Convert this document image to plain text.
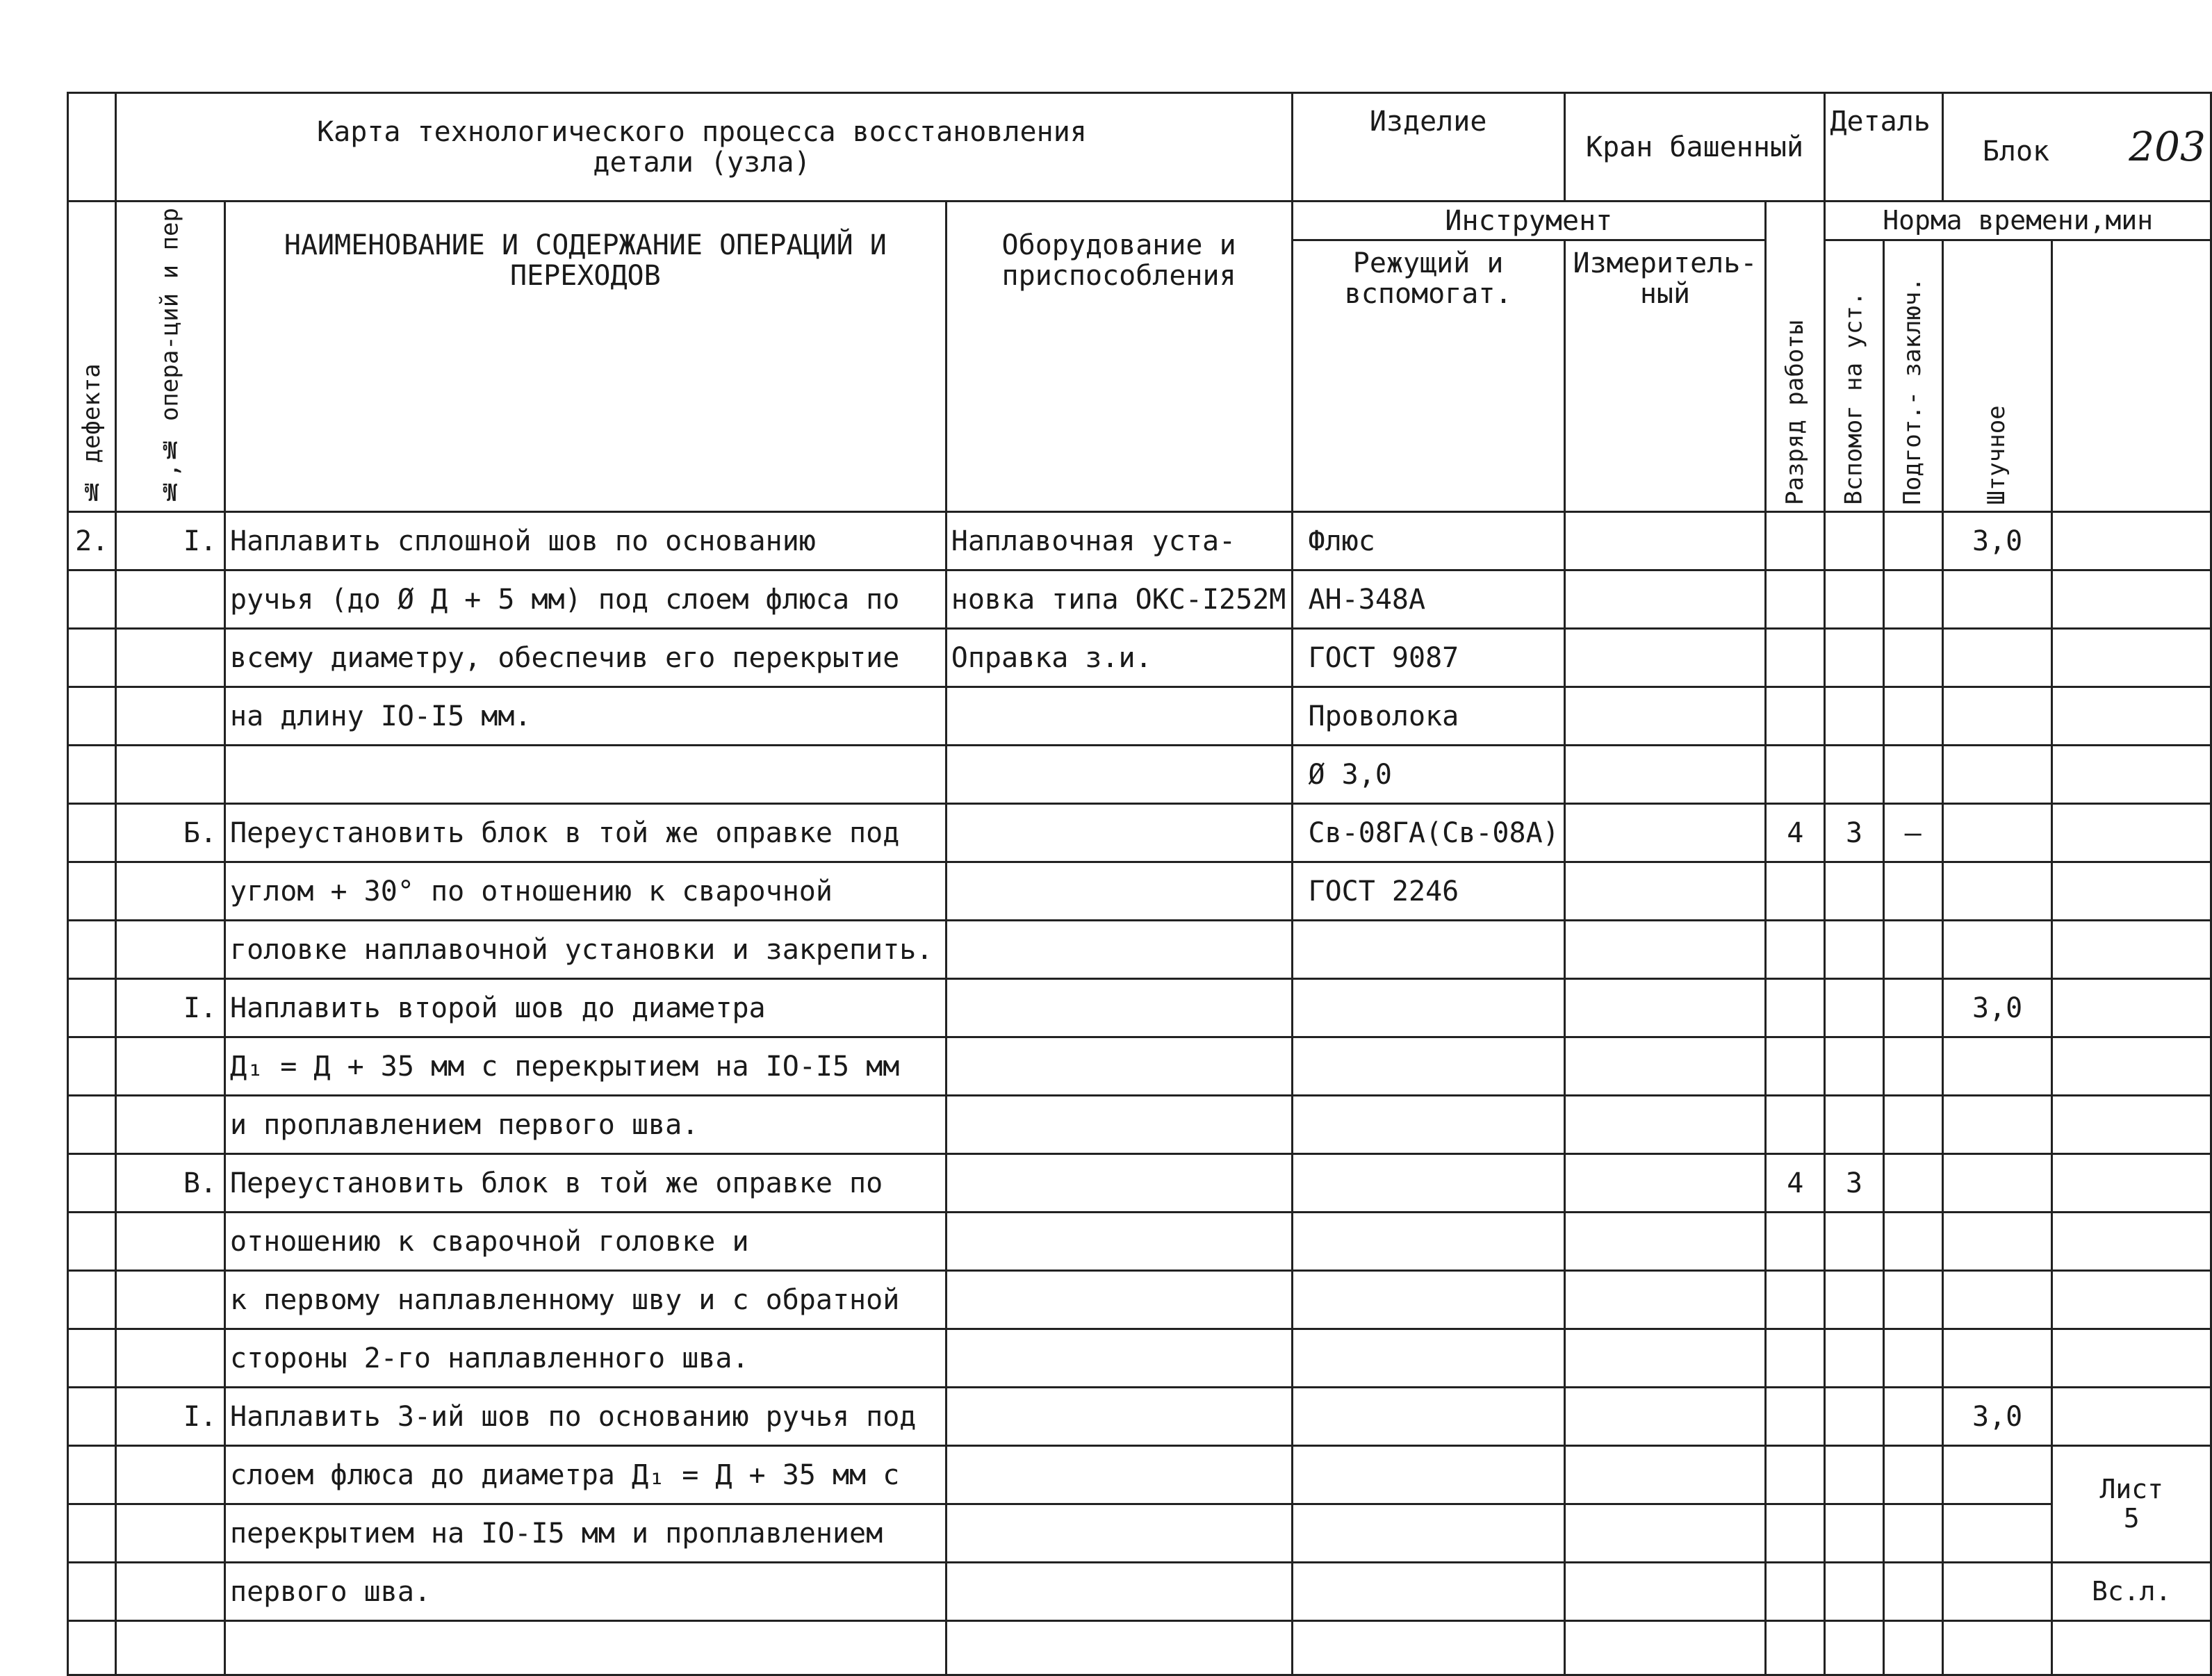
	Карта технологического процесса восстановления
детали (узла)			Изделие	Кран башенный		Деталь		Блок 203	
№ дефекта	№,№ опера-ций и пер	НАИМЕНОВАНИЕ И СОДЕРЖАНИЕ ОПЕРАЦИЙ И ПЕРЕХОДОВ	Оборудование и приспособления	Инструмент		Разряд работы	Норма времени,мин			
				Режущий и вспомогат.	Измеритель-ный		Вспомог на уст.	Подгот.- заключ.	Штучное	
2.	I.	Наплавить сплошной шов по основанию	Наплавочная уста-	Флюс					3,0	
		ручья (до Ø Д + 5 мм) под слоем флюса по	новка типа ОКС-I252М	АН-348А						
		всему диаметру, обеспечив его перекрытие	Оправка з.и.	ГОСТ 9087						
		на длину IO-I5 мм.		Проволока						
				Ø 3,0						
	Б.	Переустановить блок в той же оправке под		Св-08ГА(Св-08А)		4	3	–		
		углом + 30° по отношению к сварочной		ГОСТ 2246						
		головке наплавочной установки и закрепить.								
	I.	Наплавить второй шов до диаметра							3,0	
		Д₁ = Д + 35 мм с перекрытием на IO-I5 мм								
		и проплавлением первого шва.								
	В.	Переустановить блок в той же оправке по				4	3			
		отношению к сварочной головке и								
		к первому наплавленному шву и с обратной								
		стороны 2-го наплавленного шва.								
	I.	Наплавить 3-ий шов по основанию ручья под							3,0	
		слоем флюса до диаметра Д₁ = Д + 35 мм с								Лист
5

		перекрытием на IO-I5 мм и проплавлением								
		первого шва.								Вс.л.
